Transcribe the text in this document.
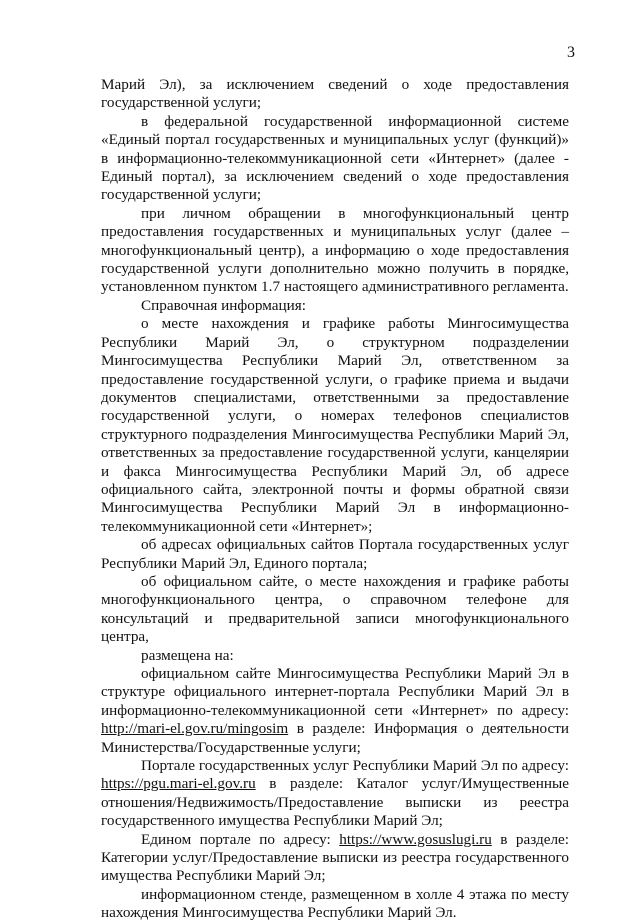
3

Марий Эл), за исключением сведений о ходе предоставления государственной услуги;

в федеральной государственной информационной системе «Единый портал государственных и муниципальных услуг (функций)» в информационно-телекоммуникационной сети «Интернет» (далее - Единый портал), за исключением сведений о ходе предоставления государственной услуги;

при личном обращении в многофункциональный центр предоставления государственных и муниципальных услуг (далее – многофункциональный центр), а информацию о ходе предоставления государственной услуги дополнительно можно получить в порядке, установленном пунктом 1.7 настоящего административного регламента.

Справочная информация:

о месте нахождения и графике работы Мингосимущества Республики Марий Эл, о структурном подразделении Мингосимущества Республики Марий Эл, ответственном за предоставление государственной услуги, о графике приема и выдачи документов специалистами, ответственными за предоставление государственной услуги, о номерах телефонов специалистов структурного подразделения Мингосимущества Республики Марий Эл, ответственных за предоставление государственной услуги, канцелярии и факса Мингосимущества Республики Марий Эл, об адресе официального сайта, электронной почты и формы обратной связи Мингосимущества Республики Марий Эл в информационно-телекоммуникационной сети «Интернет»;

об адресах официальных сайтов Портала государственных услуг Республики Марий Эл, Единого портала;

об официальном сайте, о месте нахождения и графике работы многофункционального центра, о справочном телефоне для консультаций и предварительной записи многофункционального центра,

размещена на:

официальном сайте Мингосимущества Республики Марий Эл в структуре официального интернет-портала Республики Марий Эл в информационно-телекоммуникационной сети «Интернет» по адресу: http://mari-el.gov.ru/mingosim в разделе: Информация о деятельности Министерства/Государственные услуги;

Портале государственных услуг Республики Марий Эл по адресу: https://pgu.mari-el.gov.ru в разделе: Каталог услуг/Имущественные отношения/Недвижимость/Предоставление выписки из реестра государственного имущества Республики Марий Эл;

Едином портале по адресу: https://www.gosuslugi.ru в разделе: Категории услуг/Предоставление выписки из реестра государственного имущества Республики Марий Эл;

информационном стенде, размещенном в холле 4 этажа по месту нахождения Мингосимущества Республики Марий Эл.
